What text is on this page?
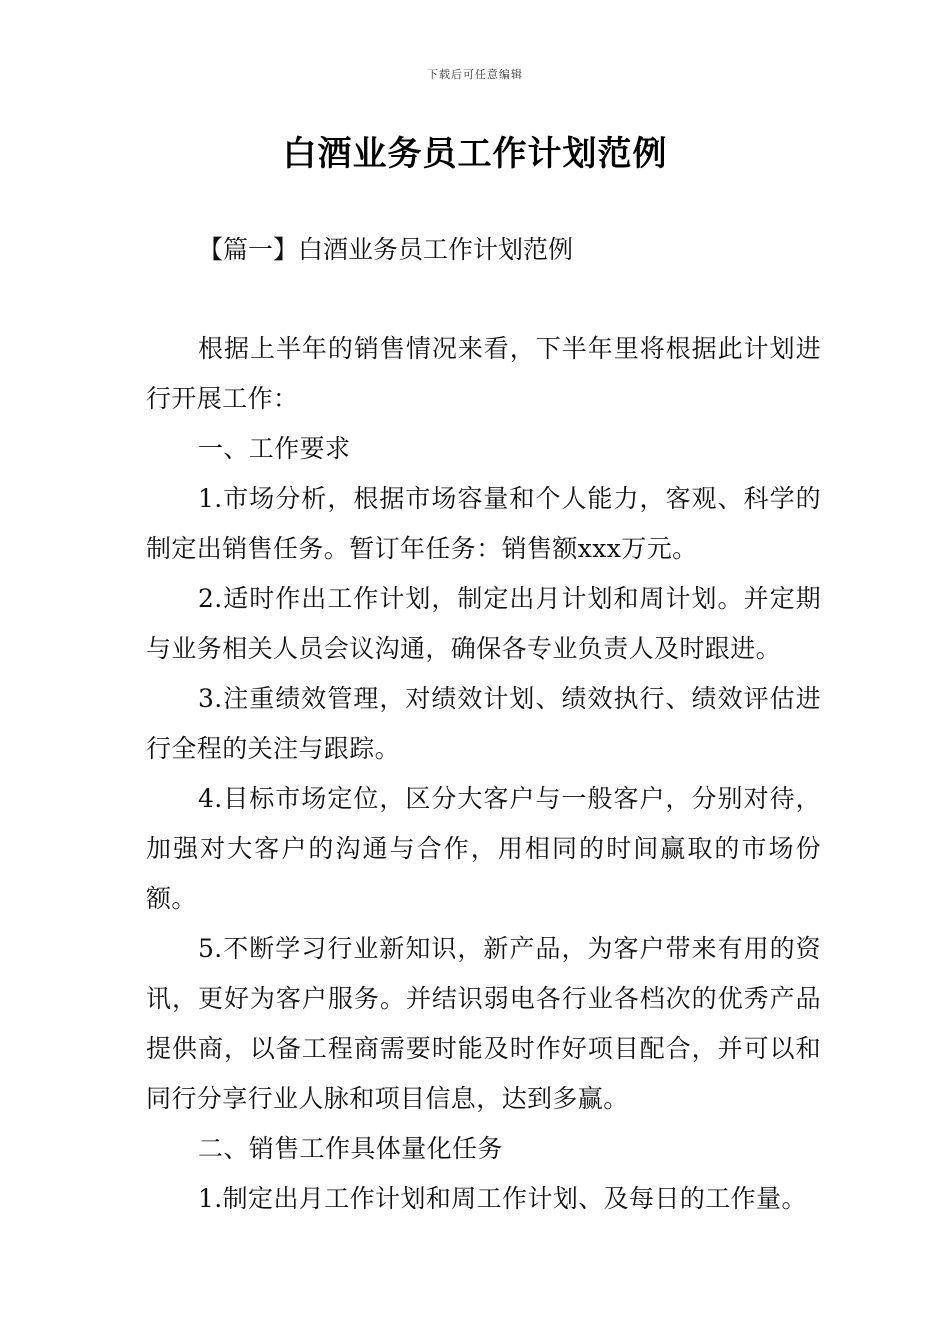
下载后可任意编辑
白酒业务员工作计划范例
【篇一】白酒业务员工作计划范例

根据上半年的销售情况来看，下半年里将根据此计划进行开展工作：

一、工作要求

1.市场分析，根据市场容量和个人能力，客观、科学的制定出销售任务。暂订年任务：销售额xxx万元。

2.适时作出工作计划，制定出月计划和周计划。并定期与业务相关人员会议沟通，确保各专业负责人及时跟进。

3.注重绩效管理，对绩效计划、绩效执行、绩效评估进行全程的关注与跟踪。

4.目标市场定位，区分大客户与一般客户，分别对待，加强对大客户的沟通与合作，用相同的时间赢取的市场份额。

5.不断学习行业新知识，新产品，为客户带来有用的资讯，更好为客户服务。并结识弱电各行业各档次的优秀产品提供商，以备工程商需要时能及时作好项目配合，并可以和同行分享行业人脉和项目信息，达到多赢。

二、销售工作具体量化任务

1.制定出月工作计划和周工作计划、及每日的工作量。
